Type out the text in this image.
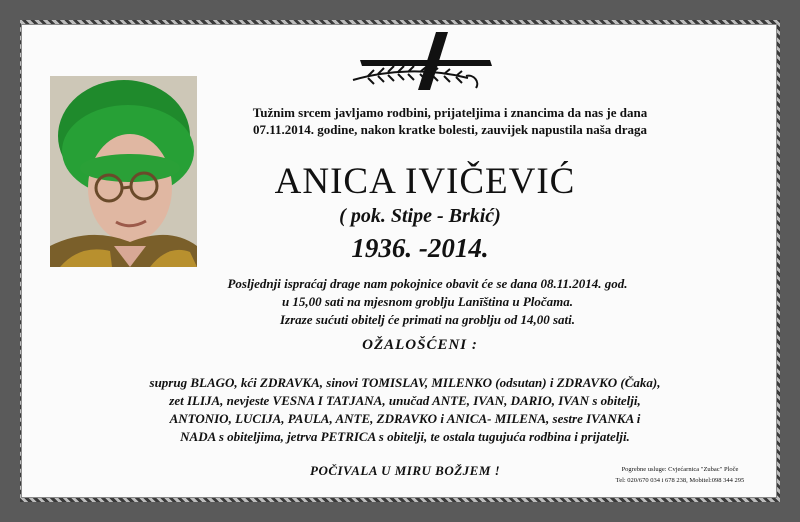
Tužnim srcem javljamo rodbini, prijateljima i znancima da nas je dana
07.11.2014. godine, nakon kratke bolesti, zauvijek napustila naša draga
ANICA IVIČEVIĆ
( pok. Stipe - Brkić)
1936. -2014.
Posljednji ispraćaj drage nam pokojnice obavit će se dana 08.11.2014. god.
u 15,00 sati na mjesnom groblju Lanīština u Pločama.
Izraze sućuti obitelj će primati na groblju od 14,00 sati.
OŽALOŠĆENI :
suprug BLAGO, kći ZDRAVKA, sinovi TOMISLAV, MILENKO (odsutan) i ZDRAVKO (Čaka),
zet ILIJA, nevjeste VESNA I TATJANA, unučad ANTE, IVAN, DARIO, IVAN s obitelji,
ANTONIO, LUCIJA, PAULA, ANTE, ZDRAVKO i ANICA- MILENA, sestre IVANKA i
NADA s obiteljima, jetrva PETRICA s obitelji, te ostala tugujuća rodbina i prijatelji.
POČIVALA U MIRU BOŽJEM !	Pogrebne usluge: Cvjećarnica "Zubac" Ploče
Tel: 020/670 034 i 678 238, Mobitel:098 344 295
